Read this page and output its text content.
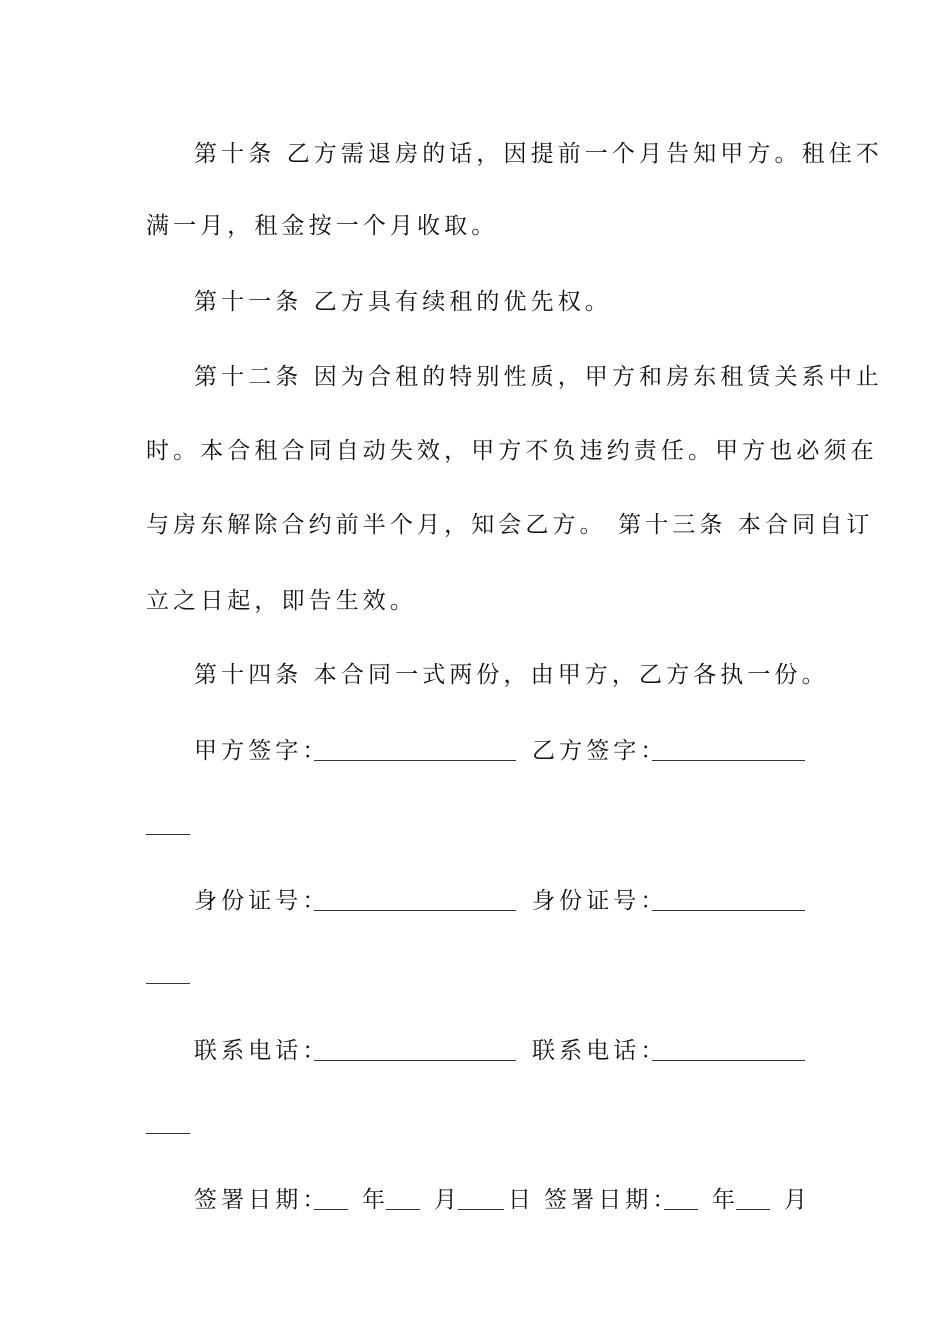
第十条 乙方需退房的话，因提前一个月告知甲方。租住不
满一月，租金按一个月收取。
第十一条 乙方具有续租的优先权。
第十二条 因为合租的特别性质，甲方和房东租赁关系中止
时。本合租合同自动失效，甲方不负违约责任。甲方也必须在
与房东解除合约前半个月，知会乙方。 第十三条 本合同自订
立之日起，即告生效。
第十四条 本合同一式两份，由甲方，乙方各执一份。
甲方签字：	乙方签字：
身份证号：	身份证号：
联系电话：	联系电话：
签署日期： 年 月 日 签署日期： 年 月
